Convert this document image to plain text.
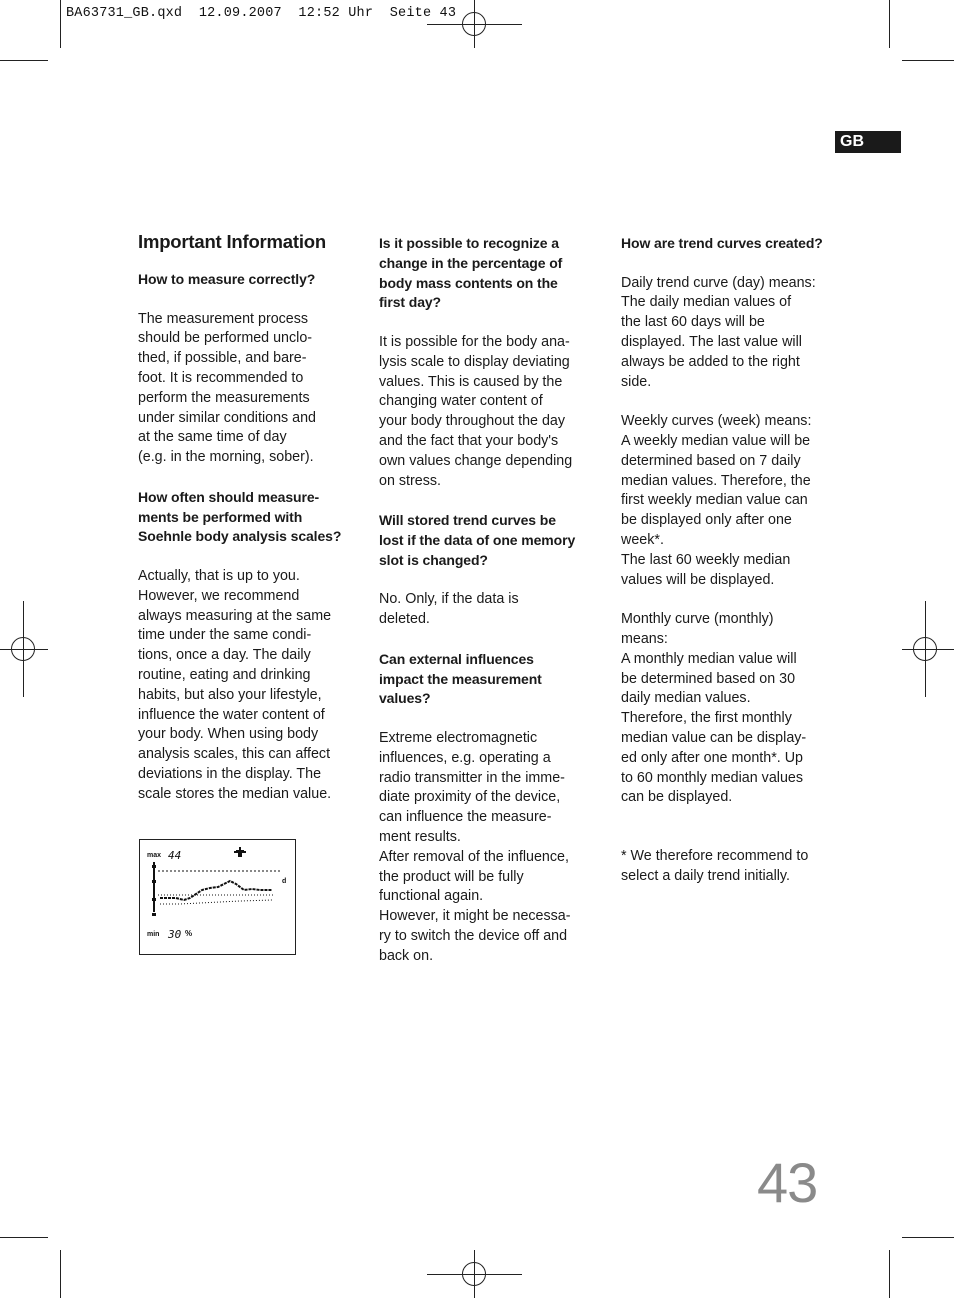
BA63731_GB.qxd  12.09.2007  12:52 Uhr  Seite 43
GB
Important Information
How to measure correctly?
The measurement process
should be performed unclo-
thed, if possible, and bare-
foot. It is recommended to
perform the measurements
under similar conditions and
at the same time of day
(e.g. in the morning, sober).
How often should measure-
ments be performed with
Soehnle body analysis scales?
Actually, that is up to you.
However, we recommend
always measuring at the same
time under the same condi-
tions, once a day. The daily
routine, eating and drinking
habits, but also your lifestyle,
influence the water content of
your body. When using body
analysis scales, this can affect
deviations in the display. The
scale stores the median value.
max 44
min 30 %
d
Is it possible to recognize a
change in the percentage of
body mass contents on the
first day?
It is possible for the body ana-
lysis scale to display deviating
values. This is caused by the
changing water content of
your body throughout the day
and the fact that your body's
own values change depending
on stress.
Will stored trend curves be
lost if the data of one memory
slot is changed?
No. Only, if the data is
deleted.
Can external influences
impact the measurement
values?
Extreme electromagnetic
influences, e.g. operating a
radio transmitter in the imme-
diate proximity of the device,
can influence the measure-
ment results.
After removal of the influence,
the product will be fully
functional again.
However, it might be necessa-
ry to switch the device off and
back on.
How are trend curves created?
Daily trend curve (day) means:
The daily median values of
the last 60 days will be
displayed. The last value will
always be added to the right
side.
Weekly curves (week) means:
A weekly median value will be
determined based on 7 daily
median values. Therefore, the
first weekly median value can
be displayed only after one
week*.
The last 60 weekly median
values will be displayed.
Monthly curve (monthly)
means:
A monthly median value will
be determined based on 30
daily median values.
Therefore, the first monthly
median value can be display-
ed only after one month*. Up
to 60 monthly median values
can be displayed.
* We therefore recommend to
select a daily trend initially.
43
